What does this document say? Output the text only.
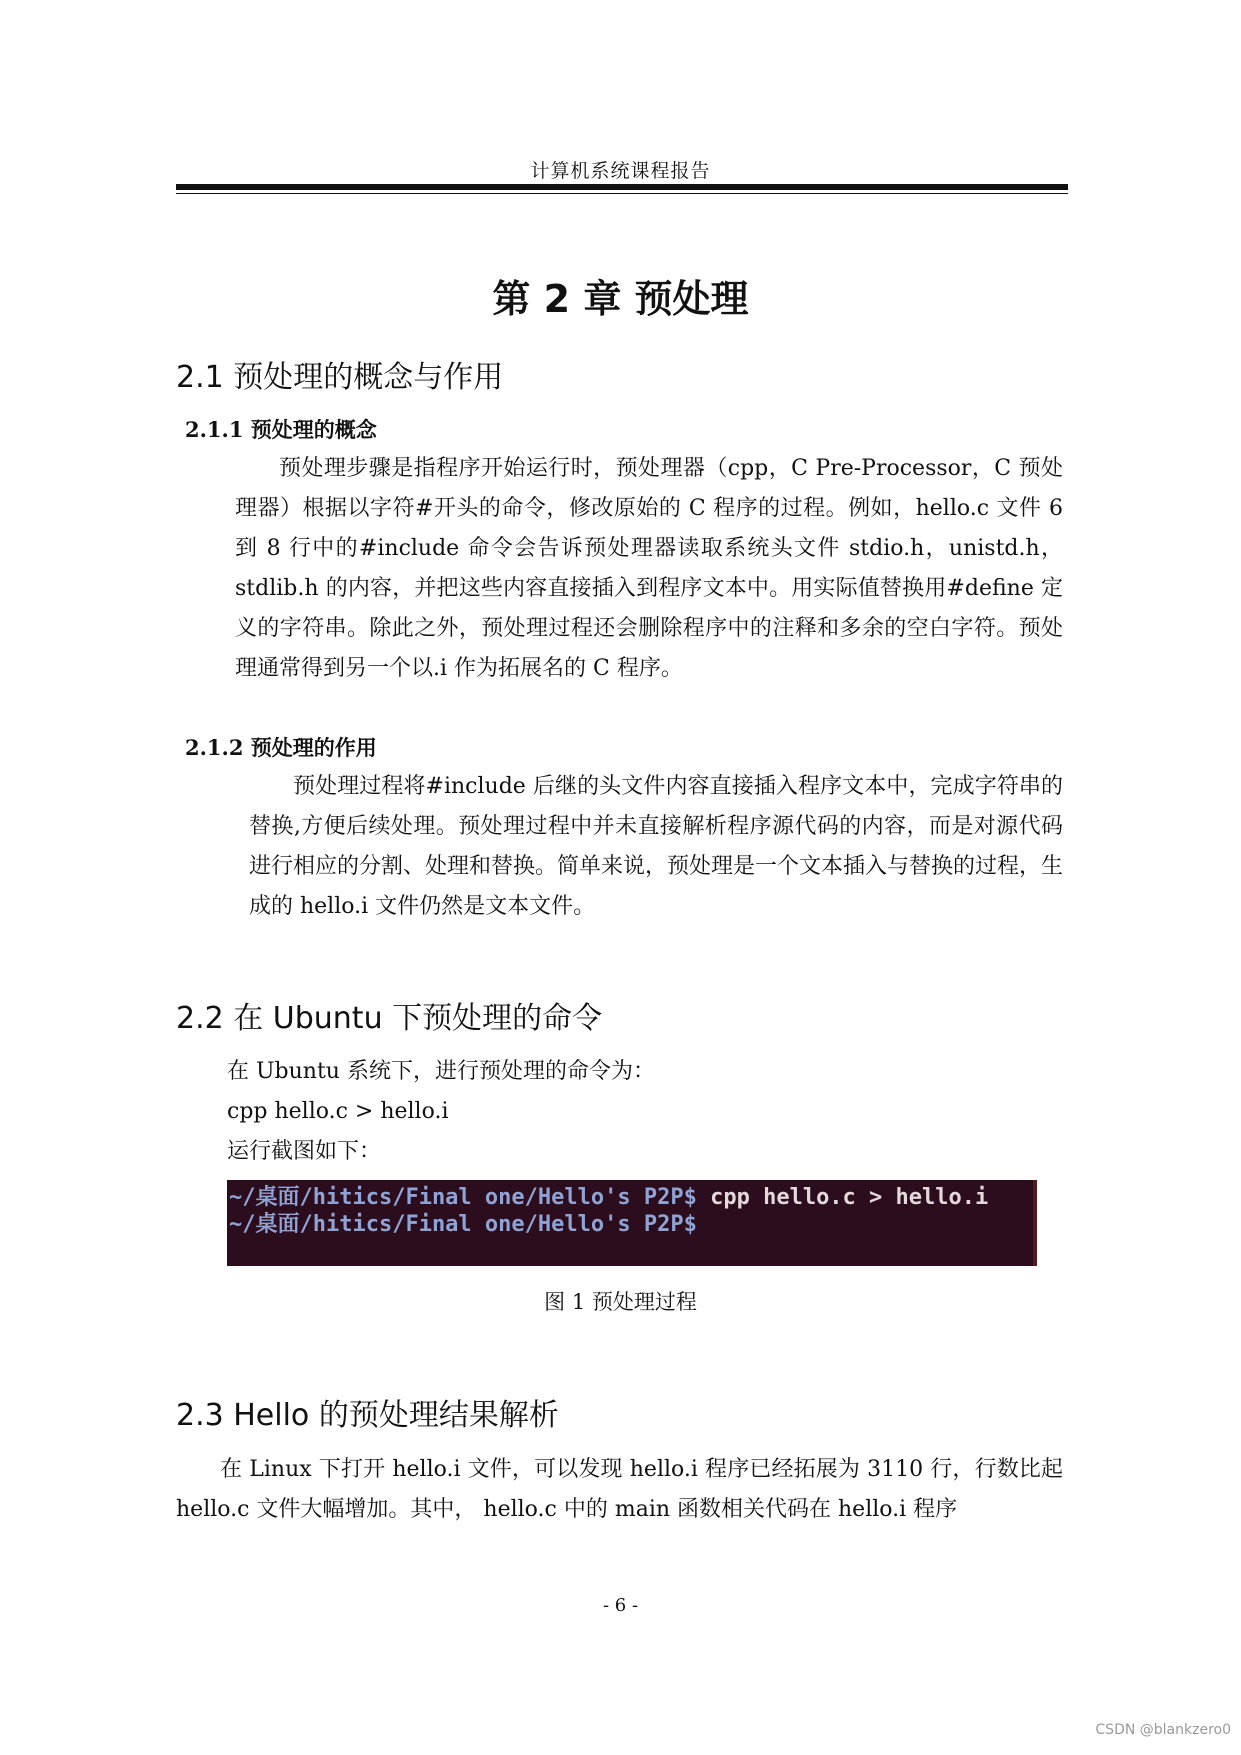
计算机系统课程报告
第 2 章 预处理
2.1 预处理的概念与作用
2.1.1 预处理的概念
预处理步骤是指程序开始运行时，预处理器（cpp，C Pre-Processor，C 预处理器）根据以字符#开头的命令，修改原始的 C 程序的过程。例如，hello.c 文件 6 到 8 行中的#include 命令会告诉预处理器读取系统头文件 stdio.h，unistd.h，stdlib.h 的内容，并把这些内容直接插入到程序文本中。用实际值替换用#define 定义的字符串。除此之外，预处理过程还会删除程序中的注释和多余的空白字符。预处理通常得到另一个以.i 作为拓展名的 C 程序。
2.1.2 预处理的作用
预处理过程将#include 后继的头文件内容直接插入程序文本中，完成字符串的替换,方便后续处理。预处理过程中并未直接解析程序源代码的内容，而是对源代码进行相应的分割、处理和替换。简单来说，预处理是一个文本插入与替换的过程，生成的 hello.i 文件仍然是文本文件。
2.2 在 Ubuntu 下预处理的命令
在 Ubuntu 系统下，进行预处理的命令为：
cpp hello.c > hello.i
运行截图如下：
~/桌面/hitics/Final one/Hello's P2P$ cpp hello.c > hello.i
~/桌面/hitics/Final one/Hello's P2P$
图 1 预处理过程
2.3 Hello 的预处理结果解析
在 Linux 下打开 hello.i 文件，可以发现 hello.i 程序已经拓展为 3110 行，行数比起 hello.c 文件大幅增加。其中， hello.c 中的 main 函数相关代码在 hello.i 程序
- 6 -
CSDN @blankzero0
